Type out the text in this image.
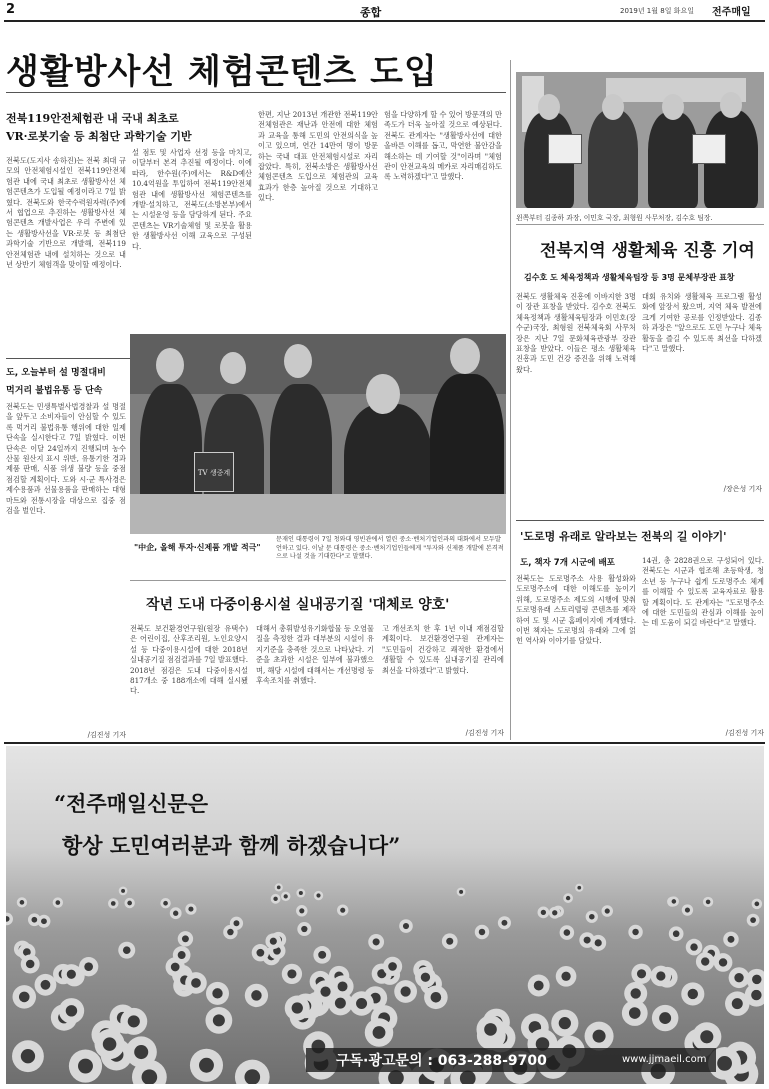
2	종합	2019년 1월 8일 화요일 전주매일
생활방사선 체험콘텐츠 도입
전북119안전체험관 내 국내 최초로
VR·로봇기술 등 최첨단 과학기술 기반
전북도(도지사 송하진)는 전북 최대 규모의 안전체험시설인 전북119안전체험관 내에 국내 최초로 생활방사선 체험콘텐츠가 도입될 예정이라고 7일 밝혔다. 전북도와 한국수력원자력(주)에서 협업으로 추진하는 생활방사선 체험콘텐츠 개발사업은 우리 주변에 있는 생활방사선을 VR·로봇 등 최첨단 과학기술 기반으로 개발해, 전북119안전체험관 내에 설치하는 것으로 내년 상반기 체험객을 맞이할 예정이다.
설 점토 및 사업자 선정 등을 마치고, 이달부터 본격 추진될 예정이다. 이에 따라, 한수원(주)에서는 R&D예산 10.4억원을 투입하여 전북119안전체험관 내에 생활방사선 체험콘텐츠를 개발·설치하고, 전북도(소방본부)에서는 시설운영 등을 담당하게 된다. 주요콘텐츠는 VR기술체험 및 로봇을 활용한 생활방사선 이해 교육으로 구성된다.
한편, 지난 2013년 개관한 전북119안전체험관은 재난과 안전에 대한 체험과 교육을 통해 도민의 안전의식을 높이고 있으며, 연간 14만여 명이 방문하는 국내 대표 안전체험시설로 자리 잡았다. 특히, 전북소방은 생활방사선 체험콘텐츠 도입으로 체험관의 교육 효과가 한층 높아질 것으로 기대하고 있다.
험을 다양하게 할 수 있어 방문객의 만족도가 더욱 높아질 것으로 예상된다. 전북도 관계자는 "생활방사선에 대한 올바른 이해를 돕고, 막연한 불안감을 해소하는 데 기여할 것"이라며 "체험관이 안전교육의 메카로 자리매김하도록 노력하겠다"고 말했다.
왼쪽부터 김종하 과장, 이민호 국장, 최형원 사무처장, 김수호 팀장.
전북지역 생활체육 진흥 기여
김수호 도 체육정책과 생활체육팀장 등 3명 문체부장관 표창
전북도 생활체육 진흥에 이바지한 3명이 장관 표창을 받았다. 김수호 전북도 체육정책과 생활체육팀장과 이민호(장수군)국장, 최형원 전북체육회 사무처장은 지난 7일 문화체육관광부 장관 표창을 받았다. 이들은 평소 생활체육 진흥과 도민 건강 증진을 위해 노력해 왔다.
대회 유치와 생활체육 프로그램 활성화에 앞장서 왔으며, 지역 체육 발전에 크게 기여한 공로를 인정받았다. 김종하 과장은 "앞으로도 도민 누구나 체육활동을 즐길 수 있도록 최선을 다하겠다"고 말했다.
/장은성 기자
도, 오늘부터 설 명절대비
먹거리 불법유통 등 단속
전북도는 민생특별사법경찰과 설 명절을 앞두고 소비자들이 안심할 수 있도록 먹거리 불법유통 행위에 대한 일제 단속을 실시한다고 7일 밝혔다. 이번 단속은 이달 24일까지 진행되며 농수산물 원산지 표시 위반, 유통기한 경과 제품 판매, 식품 위생 불량 등을 중점 점검할 계획이다. 도와 시·군 특사경은 제수용품과 선물용품을 판매하는 대형마트와 전통시장을 대상으로 집중 점검을 벌인다.
/김진성 기자
TV 생중계
"中企, 올해 투자·신제품 개발 적극"
문재인 대통령이 7일 청와대 영빈관에서 열린 중소·벤처기업인과의 대화에서 모두발언하고 있다. 이날 문 대통령은 중소·벤처기업인들에게 "투자와 신제품 개발에 본격적으로 나설 것을 기대한다"고 말했다.
작년 도내 다중이용시설 실내공기질 '대체로 양호'
전북도 보건환경연구원(원장 유택수)은 어린이집, 산후조리원, 노인요양시설 등 다중이용시설에 대한 2018년 실내공기질 점검결과를 7일 발표했다. 2018년 점검은 도내 다중이용시설 817개소 중 188개소에 대해 실시됐다.
대해서 총휘발성유기화합물 등 오염물질을 측정한 결과 대부분의 시설이 유지기준을 충족한 것으로 나타났다. 기준을 초과한 시설은 일부에 불과했으며, 해당 시설에 대해서는 개선명령 등 후속조치를 취했다.
고 개선조치 한 후 1년 이내 재점검할 계획이다. 보건환경연구원 관계자는 "도민들이 건강하고 쾌적한 환경에서 생활할 수 있도록 실내공기질 관리에 최선을 다하겠다"고 밝혔다.
/김진성 기자
'도로명 유래로 알라보는 전북의 길 이야기'
도, 책자 7개 시군에 배포
전북도는 도로명주소 사용 활성화와 도로명주소에 대한 이해도를 높이기 위해, 도로명주소 제도의 시행에 맞춰 도로명유래 스토리텔링 콘텐츠를 제작하여 도 및 시군 홈페이지에 게재했다. 이번 책자는 도로명의 유래와 그에 얽힌 역사와 이야기를 담았다.
14권, 총 2828권으로 구성되어 있다. 전북도는 시군과 협조해 초등학생, 청소년 등 누구나 쉽게 도로명주소 체계를 이해할 수 있도록 교육자료로 활용할 계획이다. 도 관계자는 "도로명주소에 대한 도민들의 관심과 이해를 높이는 데 도움이 되길 바란다"고 말했다.
/김진성 기자
“전주매일신문은
항상 도민여러분과 함께 하겠습니다”
구독·광고문의 : 063-288-9700	www.jjmaeil.com
